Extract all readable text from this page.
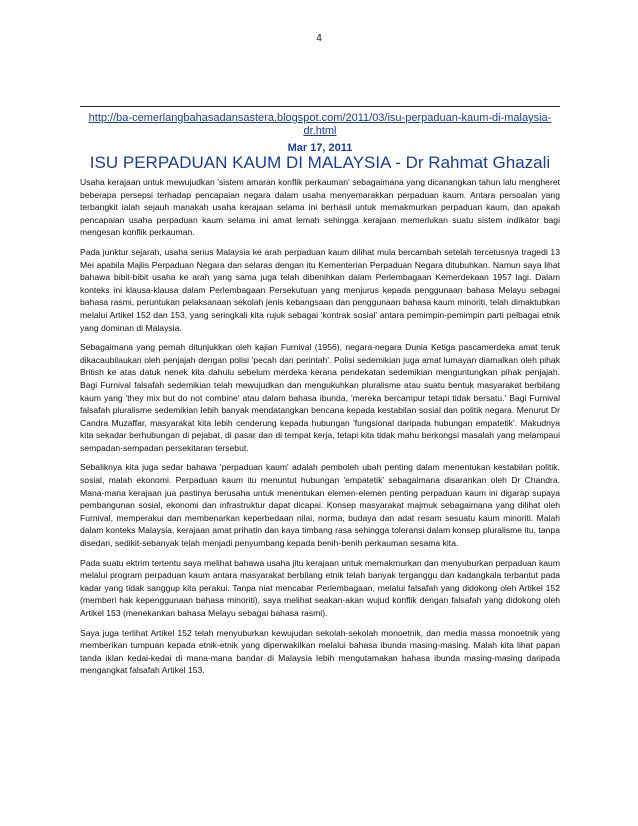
4
http://ba-cemerlangbahasadansastera.blogspot.com/2011/03/isu-perpaduan-kaum-di-malaysia-dr.html
Mar 17, 2011
ISU PERPADUAN KAUM DI MALAYSIA - Dr Rahmat Ghazali

Usaha kerajaan untuk mewujudkan 'sistem amaran konflik perkauman' sebagaimana yang dicanangkan tahun lalu mengheret beberapa persepsi terhadap pencapaian negara dalam usaha menyemarakkan perpaduan kaum. Antara persoalan yang terbangkit ialah sejauh manakah usaha kerajaan selama ini berhasil untuk memakmurkan perpaduan kaum, dan apakah pencapaian usaha perpaduan kaum selama ini amat lemah sehingga kerajaan memerlukan suatu sistem indikator bagi mengesan konflik perkauman.

Pada junktur sejarah, usaha serius Malaysia ke arah perpaduan kaum dilihat mula bercambah setelah tercetusnya tragedi 13 Mei apabila Majlis Perpaduan Negara dan selaras dengan itu Kementerian Perpaduan Negara ditubuhkan. Namun saya lihat bahawa bibit-bibit usaha ke arah yang sama juga telah dibenihkan dalam Perlembagaan Kemerdekaan 1957 lagi. Dalam konteks ini klausa-klausa dalam Perlembagaan Persekutuan yang menjurus kepada penggunaan bahasa Melayu sebagai bahasa rasmi, peruntukan pelaksanaan sekolah jenis kebangsaan dan penggunaan bahasa kaum minoriti, telah dimaktubkan melalui Artikel 152 dan 153, yang seringkali kita rujuk sebagai 'kontrak sosial' antara pemimpin-pemimpin parti pelbagai etnik yang dominan di Malaysia.

Sebagaimana yang pernah ditunjukkan oleh kajian Furnival (1956), negara-negara Dunia Ketiga pascamerdeka amat teruk dikacaubilaukan oleh penjajah dengan polisi 'pecah dan perintah'. Polisi sedemikian juga amat lumayan diamalkan oleh pihak British ke atas datuk nenek kita dahulu sebelum merdeka kerana pendekatan sedemikian menguntungkan pihak penjajah. Bagi Furnival falsafah sedemikian telah mewujudkan dan mengukuhkan pluralisme atau suatu bentuk masyarakat berbilang kaum yang 'they mix but do not combine' atau dalam bahasa ibunda, 'mereka bercampur tetapi tidak bersatu.' Bagi Furnival falsafah pluralisme sedemikian lebih banyak mendatangkan bencana kepada kestabilan sosial dan politik negara. Menurut Dr Candra Muzaffar, masyarakat kita lebih cenderung kepada hubungan 'fungsional daripada hubungan empatetik'. Makudnya kita sekadar berhubungan di pejabat, di pasar dan di tempat kerja, tetapi kita tidak mahu berkongsi masalah yang melampaui sempadan-sempadan persekitaran tersebut.

Sebaliknya kita juga sedar bahawa 'perpaduan kaum' adalah pemboleh ubah penting dalam menentukan kestabilan politik, sosial, malah ekonomi. Perpaduan kaum itu menuntut hubungan 'empatetik' sebagaimana disarankan oleh Dr Chandra. Mana-mana kerajaan jua pastinya berusaha untuk menentukan elemen-elemen penting perpaduan kaum ini digarap supaya pembangunan sosial, ekonomi dan infrastruktur dapat dicapai. Konsep masyarakat majmuk sebagaimana yang dilihat oleh Furnival, memperakui dan membenarkan keperbedaan nilai, norma, budaya dan adat resam sesuatu kaum minoriti. Malah dalam konteks Malaysia, kerajaan amat prihatin dan kaya timbang rasa sehingga toleransi dalam konsep pluralisme itu, tanpa disedari, sedikit-sebanyak telah menjadi penyumbang kepada benih-benih perkauman sesama kita.

Pada suatu ektrim tertentu saya melihat bahawa usaha jitu kerajaan untuk memakmurkan dan menyuburkan perpaduan kaum melalui program perpaduan kaum antara masyarakat berbilang etnik telah banyak terganggu dan kadangkala terbantut pada kadar yang tidak sanggup kita perakui. Tanpa niat mencabar Perlembagaan, melalui falsafah yang didokong oleh Artikel 152 (memberi hak kepenggunaan bahasa minoriti), saya melihat seakan-akan wujud konflik dengan falsafah yang didokong oleh Artikel 153 (menekankan bahasa Melayu sebagai bahasa rasmi).

Saya juga terlihat Artikel 152 telah menyuburkan kewujudan sekolah-sekolah monoetnik, dan media massa monoetnik yang memberikan tumpuan kepada etnik-etnik yang diperwakilkan melalui bahasa ibunda masing-masing. Malah kita lihat papan tanda iklan kedai-kedai di mana-mana bandar di Malaysia lebih mengutamakan bahasa ibunda masing-masing daripada mengangkat falsafah Artikel 153.
